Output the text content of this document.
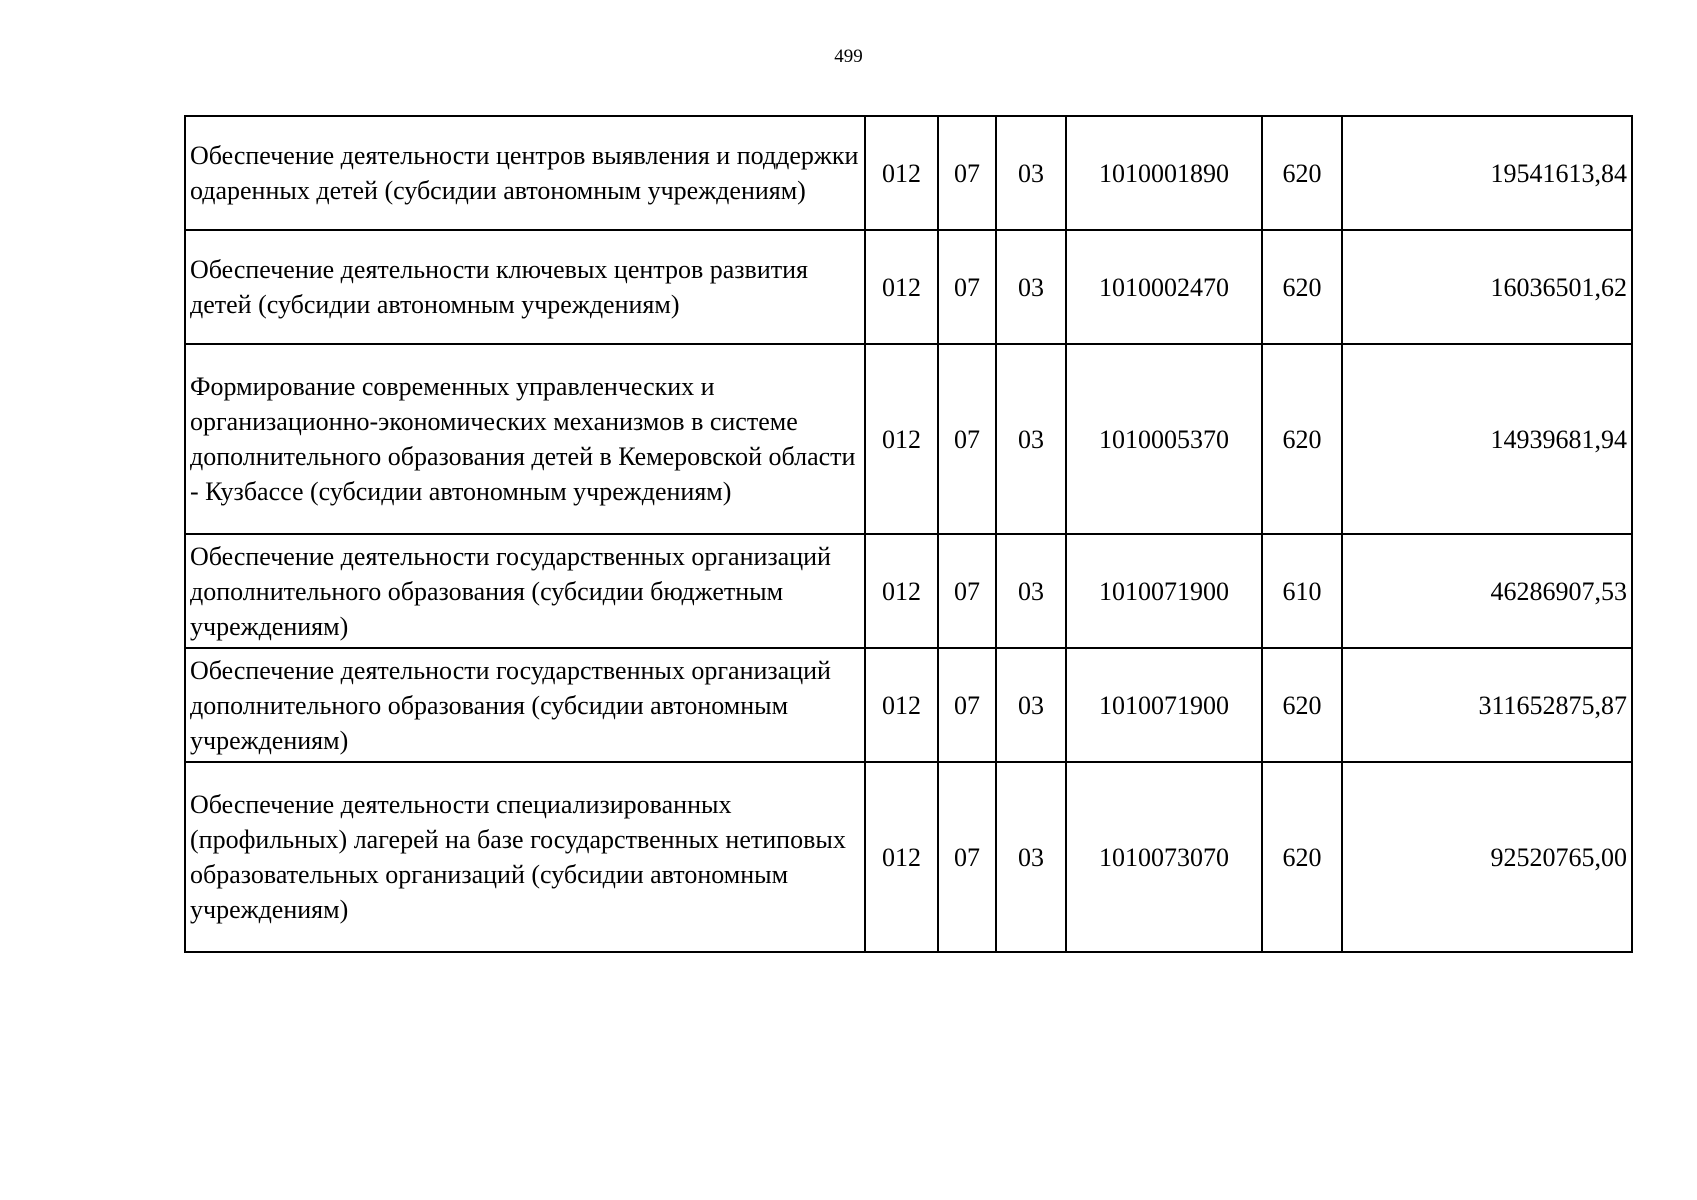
499
Обеспечение деятельности центров выявления и поддержки одаренных детей (субсидии автономным учреждениям)	012	07	03	1010001890	620	19541613,84
Обеспечение деятельности ключевых центров развития детей (субсидии автономным учреждениям)	012	07	03	1010002470	620	16036501,62
Формирование современных управленческих и организационно-экономических механизмов в системе дополнительного образования детей в Кемеровской области - Кузбассе (субсидии автономным учреждениям)	012	07	03	1010005370	620	14939681,94
Обеспечение деятельности государственных организаций дополнительного образования (субсидии бюджетным учреждениям)	012	07	03	1010071900	610	46286907,53
Обеспечение деятельности государственных организаций дополнительного образования (субсидии автономным учреждениям)	012	07	03	1010071900	620	311652875,87
Обеспечение деятельности специализированных (профильных) лагерей на базе государственных нетиповых образовательных организаций (субсидии автономным учреждениям)	012	07	03	1010073070	620	92520765,00
